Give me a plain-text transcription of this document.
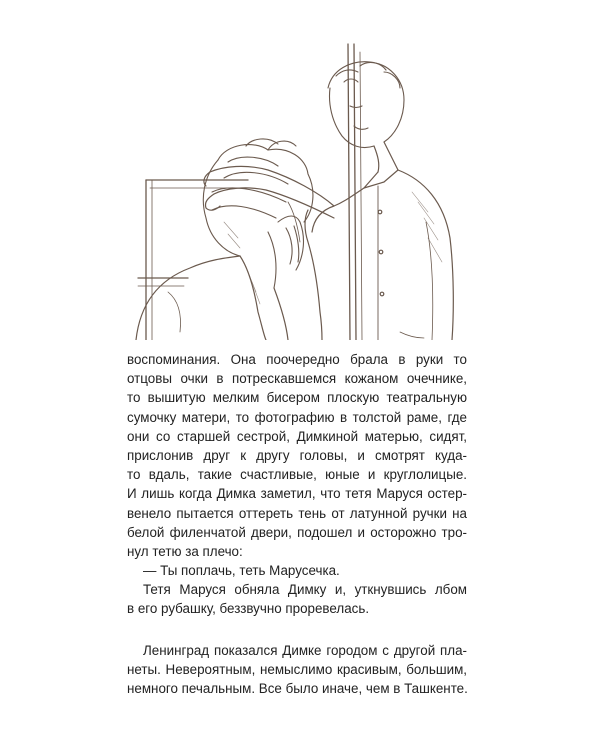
воспоминания. Она поочередно брала в руки то
отцовы очки в потрескавшемся кожаном очечнике,
то вышитую мелким бисером плоскую театральную
сумочку матери, то фотографию в толстой раме, где
они со старшей сестрой, Димкиной матерью, сидят,
прислонив друг к другу головы, и смотрят куда-
то вдаль, такие счастливые, юные и круглолицые.
И лишь когда Димка заметил, что тетя Маруся остер-
венело пытается оттереть тень от латунной ручки на
белой филенчатой двери, подошел и осторожно тро-
нул тетю за плечо:
— Ты поплачь, теть Марусечка.
Тетя Маруся обняла Димку и, уткнувшись лбом
в его рубашку, беззвучно проревелась.
Ленинград показался Димке городом с другой пла-
неты. Невероятным, немыслимо красивым, большим,
немного печальным. Все было иначе, чем в Ташкенте.
